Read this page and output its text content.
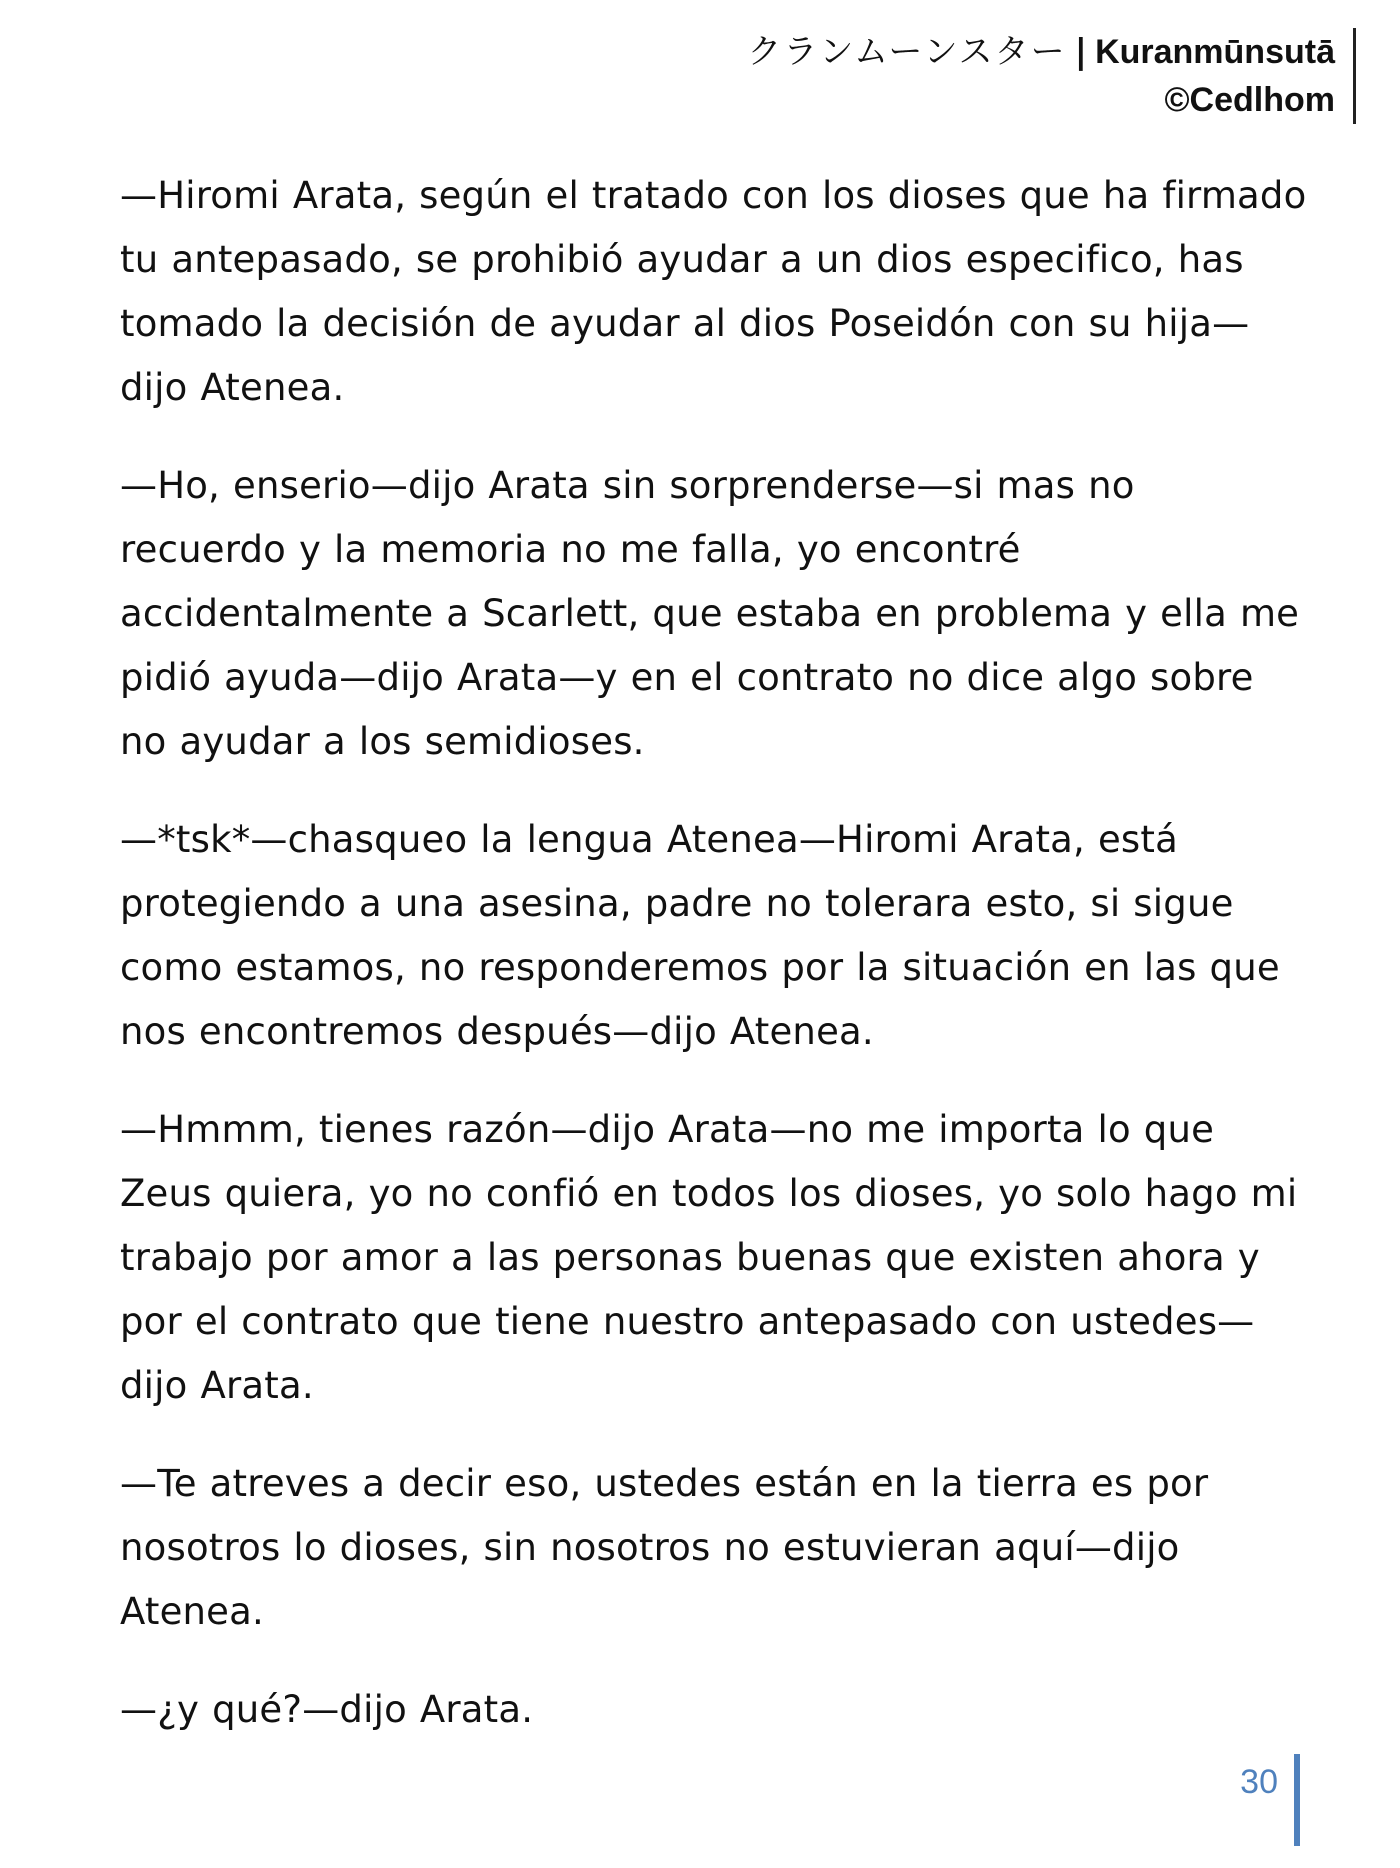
クランムーンスター | Kuranmūnsutā
©Cedlhom

—Hiromi Arata, según el tratado con los dioses que ha firmado tu antepasado, se prohibió ayudar a un dios especifico, has tomado la decisión de ayudar al dios Poseidón con su hija—dijo Atenea.

—Ho, enserio—dijo Arata sin sorprenderse—si mas no recuerdo y la memoria no me falla, yo encontré accidentalmente a Scarlett, que estaba en problema y ella me pidió ayuda—dijo Arata—y en el contrato no dice algo sobre no ayudar a los semidioses.

—*tsk*—chasqueo la lengua Atenea—Hiromi Arata, está protegiendo a una asesina, padre no tolerara esto, si sigue como estamos, no responderemos por la situación en las que nos encontremos después—dijo Atenea.

—Hmmm, tienes razón—dijo Arata—no me importa lo que Zeus quiera, yo no confió en todos los dioses, yo solo hago mi trabajo por amor a las personas buenas que existen ahora y por el contrato que tiene nuestro antepasado con ustedes—dijo Arata.

—Te atreves a decir eso, ustedes están en la tierra es por nosotros lo dioses, sin nosotros no estuvieran aquí—dijo Atenea.

—¿y qué?—dijo Arata.

30
